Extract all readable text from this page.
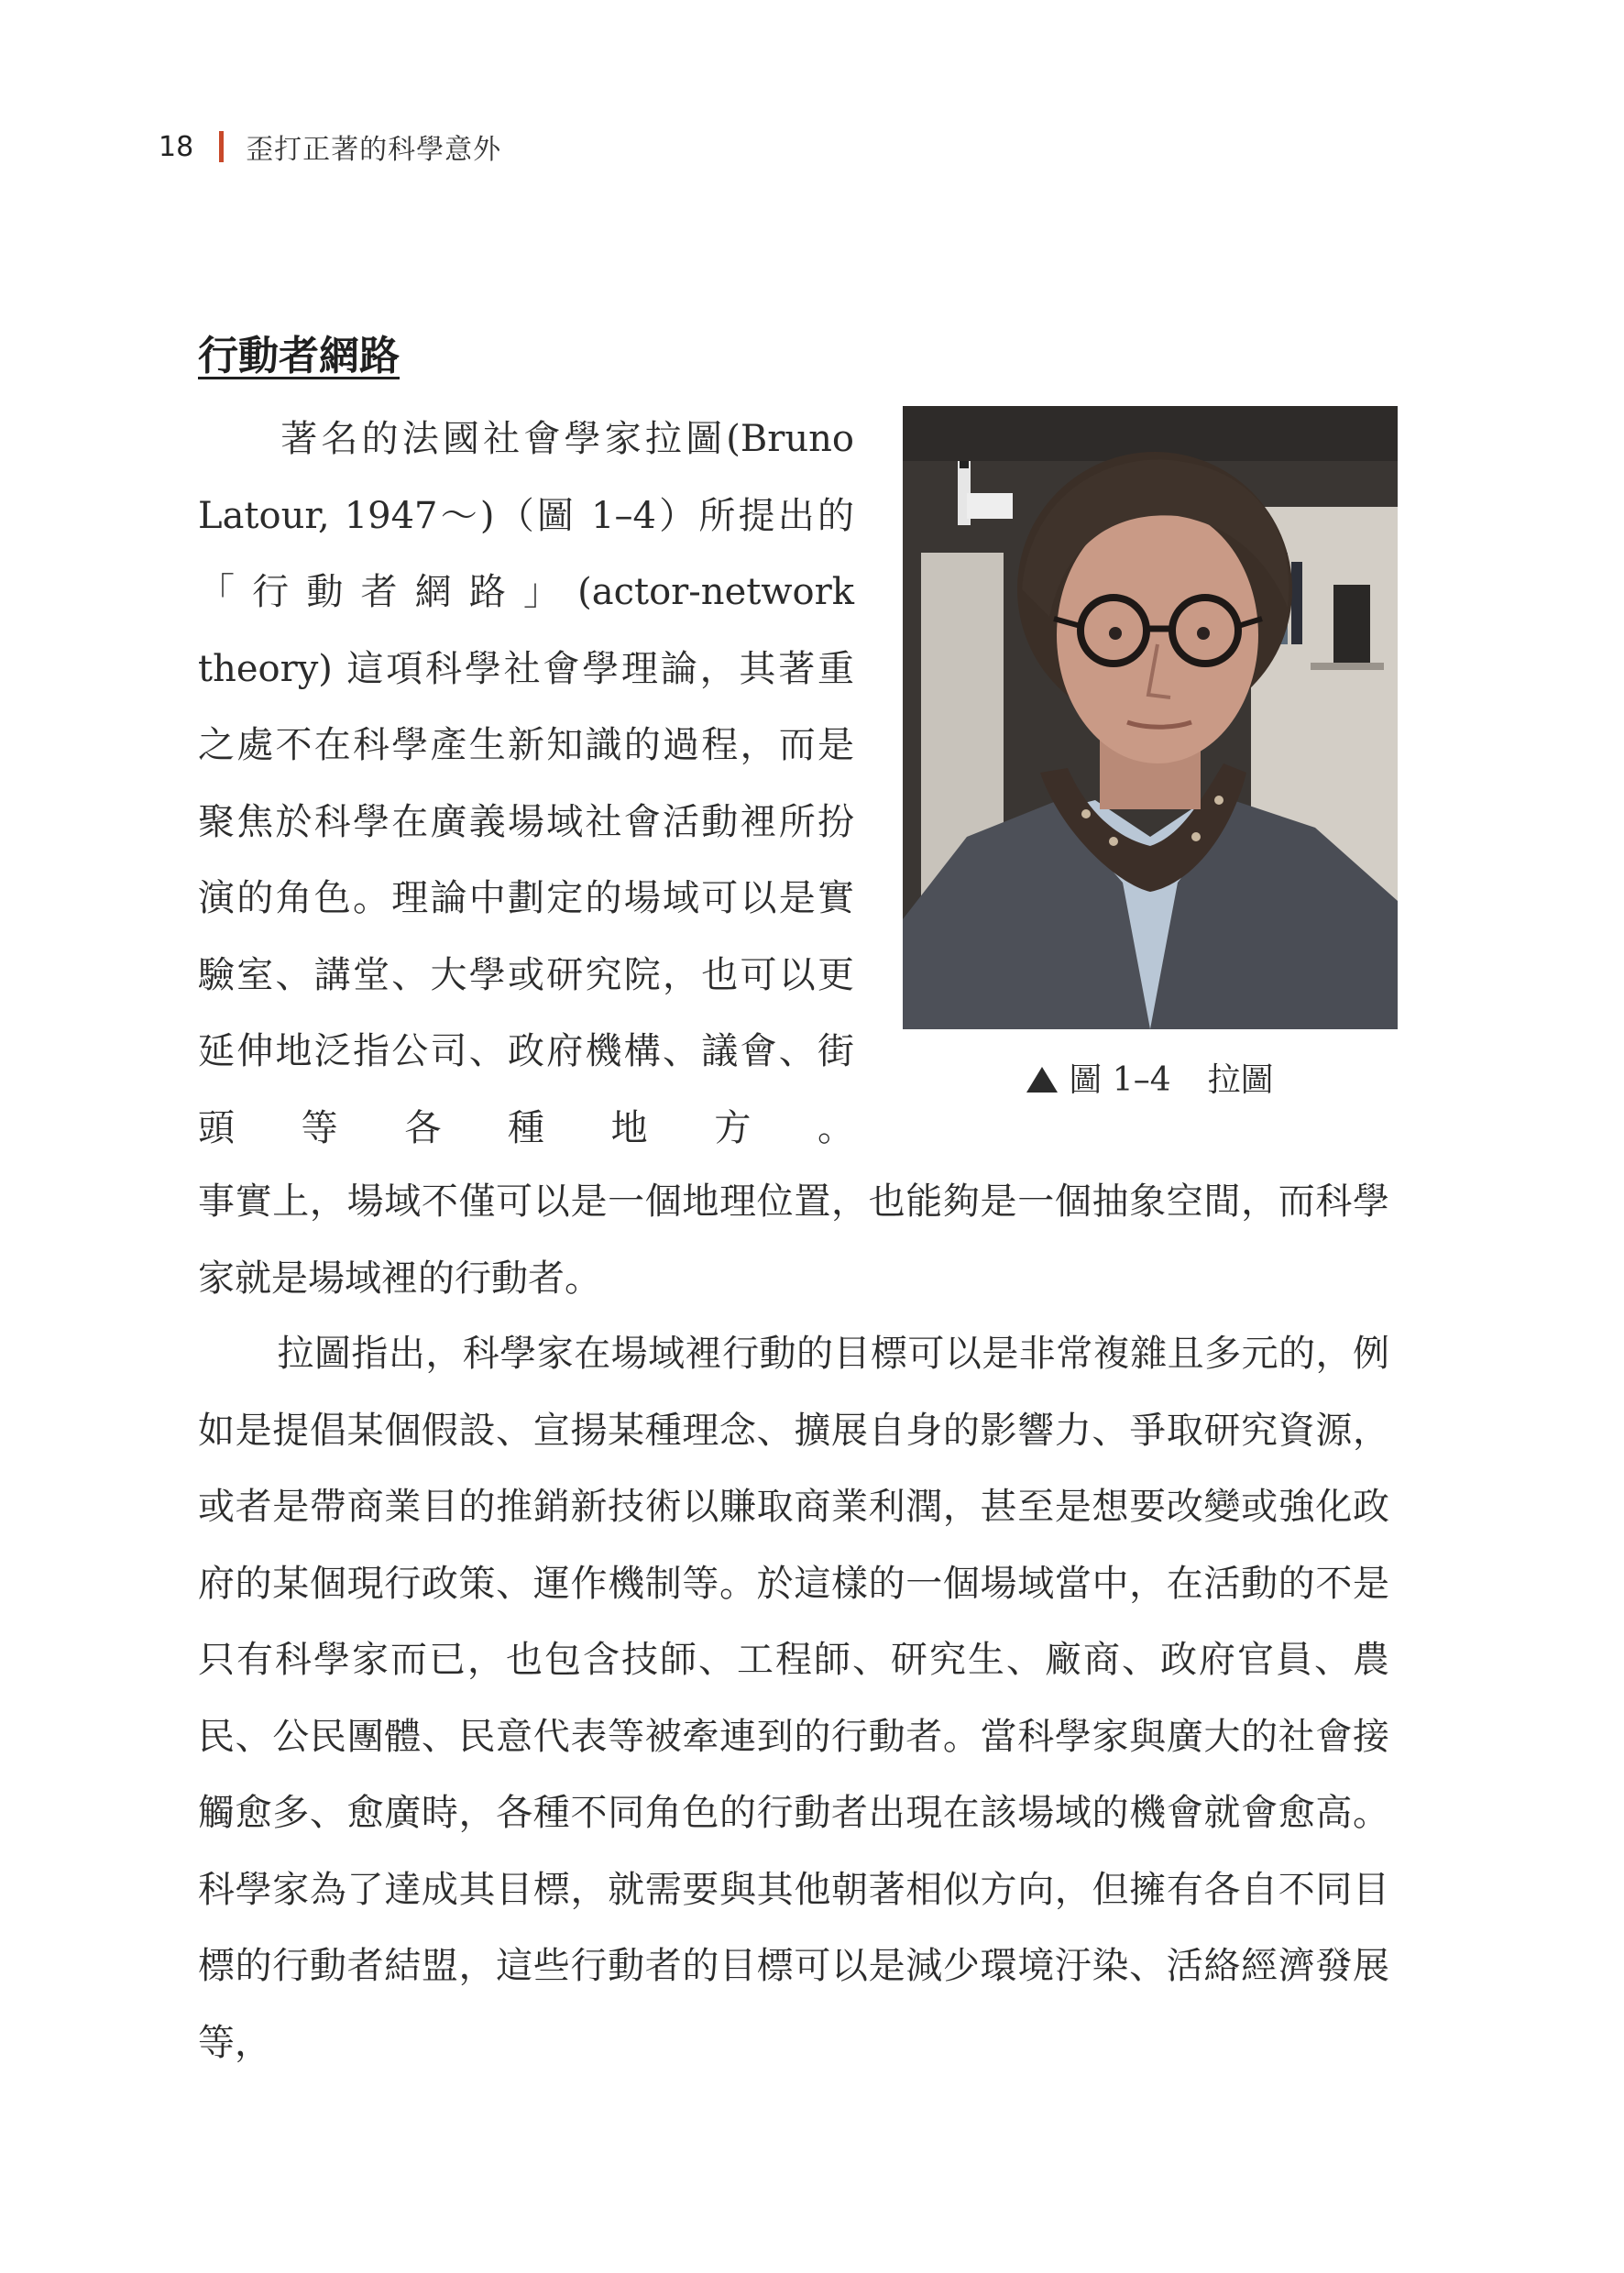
18 歪打正著的科學意外
行動者網路

著名的法國社會學家拉圖(Bruno Latour, 1947～)（圖 1–4）所提出的「行動者網路」(actor-network theory) 這項科學社會學理論，其著重之處不在科學產生新知識的過程，而是聚焦於科學在廣義場域社會活動裡所扮演的角色。理論中劃定的場域可以是實驗室、講堂、大學或研究院，也可以更延伸地泛指公司、政府機構、議會、街頭等各種地方。

圖 1–4 拉圖

事實上，場域不僅可以是一個地理位置，也能夠是一個抽象空間，而科學家就是場域裡的行動者。

拉圖指出，科學家在場域裡行動的目標可以是非常複雜且多元的，例如是提倡某個假設、宣揚某種理念、擴展自身的影響力、爭取研究資源，或者是帶商業目的推銷新技術以賺取商業利潤，甚至是想要改變或強化政府的某個現行政策、運作機制等。於這樣的一個場域當中，在活動的不是只有科學家而已，也包含技師、工程師、研究生、廠商、政府官員、農民、公民團體、民意代表等被牽連到的行動者。當科學家與廣大的社會接觸愈多、愈廣時，各種不同角色的行動者出現在該場域的機會就會愈高。科學家為了達成其目標，就需要與其他朝著相似方向，但擁有各自不同目標的行動者結盟，這些行動者的目標可以是減少環境汙染、活絡經濟發展等，
